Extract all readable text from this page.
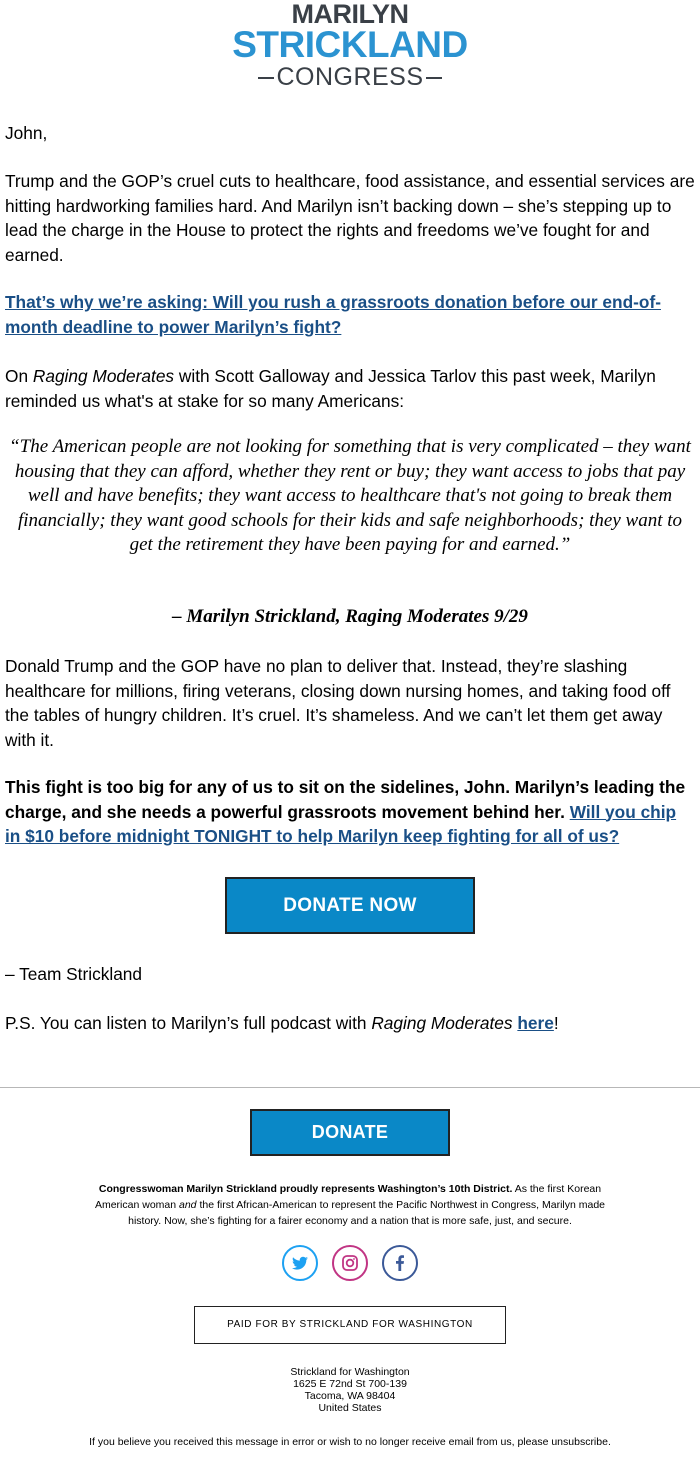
MARILYN
STRICKLAND
CONGRESS

John,

Trump and the GOP’s cruel cuts to healthcare, food assistance, and essential services are hitting hardworking families hard. And Marilyn isn’t backing down – she’s stepping up to lead the charge in the House to protect the rights and freedoms we’ve fought for and earned.

That’s why we’re asking: Will you rush a grassroots donation before our end-of-month deadline to power Marilyn’s fight?

On Raging Moderates with Scott Galloway and Jessica Tarlov this past week, Marilyn reminded us what's at stake for so many Americans:

“The American people are not looking for something that is very complicated – they want housing that they can afford, whether they rent or buy; they want access to jobs that pay well and have benefits; they want access to healthcare that's not going to break them financially; they want good schools for their kids and safe neighborhoods; they want to get the retirement they have been paying for and earned.”

– Marilyn Strickland, Raging Moderates 9/29

Donald Trump and the GOP have no plan to deliver that. Instead, they’re slashing healthcare for millions, firing veterans, closing down nursing homes, and taking food off the tables of hungry children. It’s cruel. It’s shameless. And we can’t let them get away with it.

This fight is too big for any of us to sit on the sidelines, John. Marilyn’s leading the charge, and she needs a powerful grassroots movement behind her. Will you chip in $10 before midnight TONIGHT to help Marilyn keep fighting for all of us?

DONATE NOW
– Team Strickland
P.S. You can listen to Marilyn’s full podcast with Raging Moderates here!
DONATE
Congresswoman Marilyn Strickland proudly represents Washington’s 10th District. As the first Korean American woman and the first African-American to represent the Pacific Northwest in Congress, Marilyn made history. Now, she’s fighting for a fairer economy and a nation that is more safe, just, and secure.

PAID FOR BY STRICKLAND FOR WASHINGTON
Strickland for Washington
1625 E 72nd St 700-139
Tacoma, WA 98404
United States
If you believe you received this message in error or wish to no longer receive email from us, please unsubscribe.
